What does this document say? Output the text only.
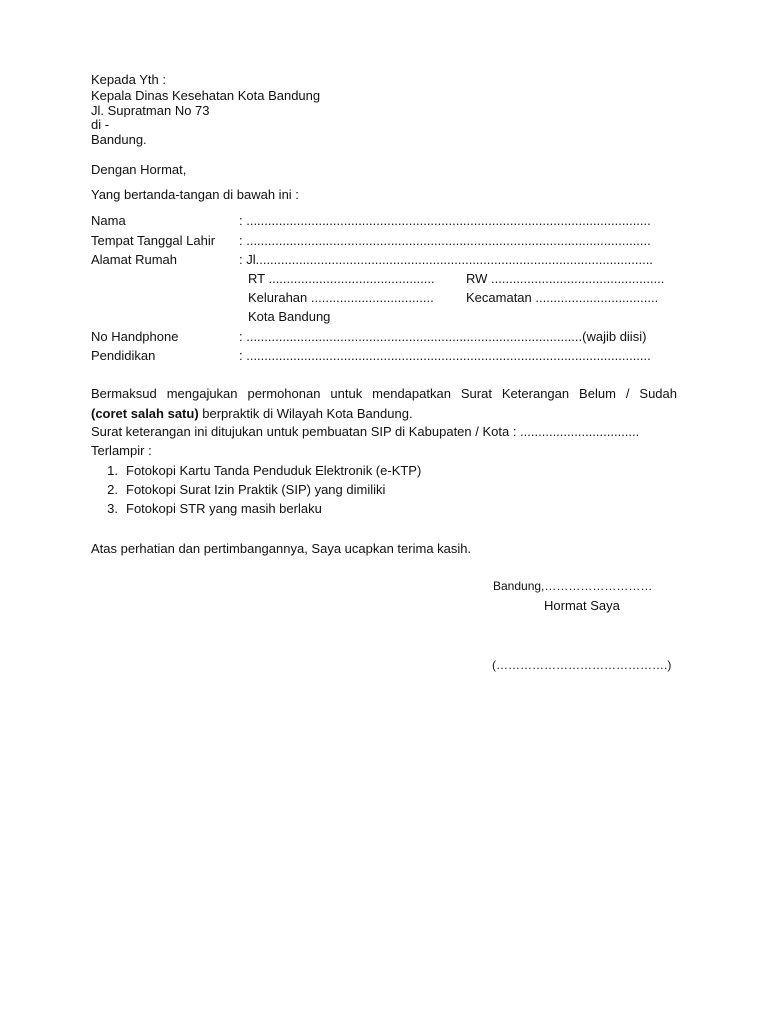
Kepada Yth :
Kepala Dinas Kesehatan Kota Bandung
Jl. Supratman No 73
di -
Bandung.
Dengan Hormat,
Yang bertanda-tangan di bawah ini :
Nama	: ................................................................................................................
Tempat Tanggal Lahir : ................................................................................................................
Alamat Rumah	: Jl..............................................................................................................
RT ..............................................	RW ................................................
Kelurahan ..................................	Kecamatan ..................................
Kota Bandung
No Handphone	: .............................................................................................(wajib diisi)
Pendidikan	: ................................................................................................................
Bermaksud mengajukan permohonan untuk mendapatkan Surat Keterangan Belum / Sudah
(coret salah satu) berpraktik di Wilayah Kota Bandung.
Surat keterangan ini ditujukan untuk pembuatan SIP di Kabupaten / Kota : .................................
Terlampir :
1. Fotokopi Kartu Tanda Penduduk Elektronik (e-KTP)
2. Fotokopi Surat Izin Praktik (SIP) yang dimiliki
3. Fotokopi STR yang masih berlaku
Atas perhatian dan pertimbangannya, Saya ucapkan terima kasih.
Bandung,………………………
Hormat Saya
(…………………………………….)
